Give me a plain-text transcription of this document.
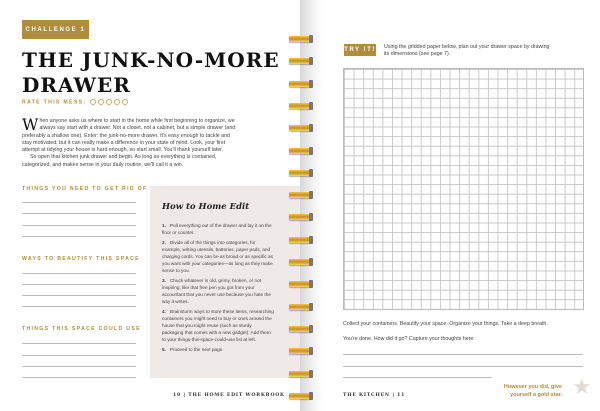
CHALLENGE 1
THE JUNK-NO-MORE
DRAWER
RATE THIS MESS:

When anyone asks us where to start in the home while first beginning to organize, we always say start with a drawer. Not a closet, not a cabinet, but a simple drawer (and preferably a shallow one). Enter: the junk-no-more drawer. It's easy enough to tackle and stay motivated, but it can really make a difference in your state of mind. Look, your first attempt at tidying your house is hard enough, so start small. You'll thank yourself later.

So open that kitchen junk drawer and begin. As long as everything is contained, categorized, and makes sense in your daily routine, we'll call it a win.

THINGS YOU NEED TO GET RID OF
WAYS TO BEAUTIFY THIS SPACE
THINGS THIS SPACE COULD USE
How to Home Edit
1. Pull everything out of the drawer and lay it on the floor or counter.
2. Divide all of the things into categories, for example, writing utensils, batteries, paper pads, and charging cords. You can be as broad or as specific as you want with your categories—as long as they make sense to you.
3. Chuck whatever is old, grimy, broken, or not inspiring, like that free pen you got from your accountant that you never use because you hate the way it writes.
4. Brainstorm ways to store these items, researching containers you might need to buy or ones around the house that you might reuse (such as sturdy packaging that comes with a new gadget). Add them to your things-this-space-could-use list at left.
5. Proceed to the next page.
10 | THE HOME EDIT WORKBOOK
TRY IT! Using the gridded paper below, plan out your drawer space by drawing its dimensions (see page 7).
Collect your containers. Beautify your space. Organize your things. Take a deep breath.
You're done. How did it go? Capture your thoughts here:
THE KITCHEN | 11
However you did, give yourself a gold star. ★
